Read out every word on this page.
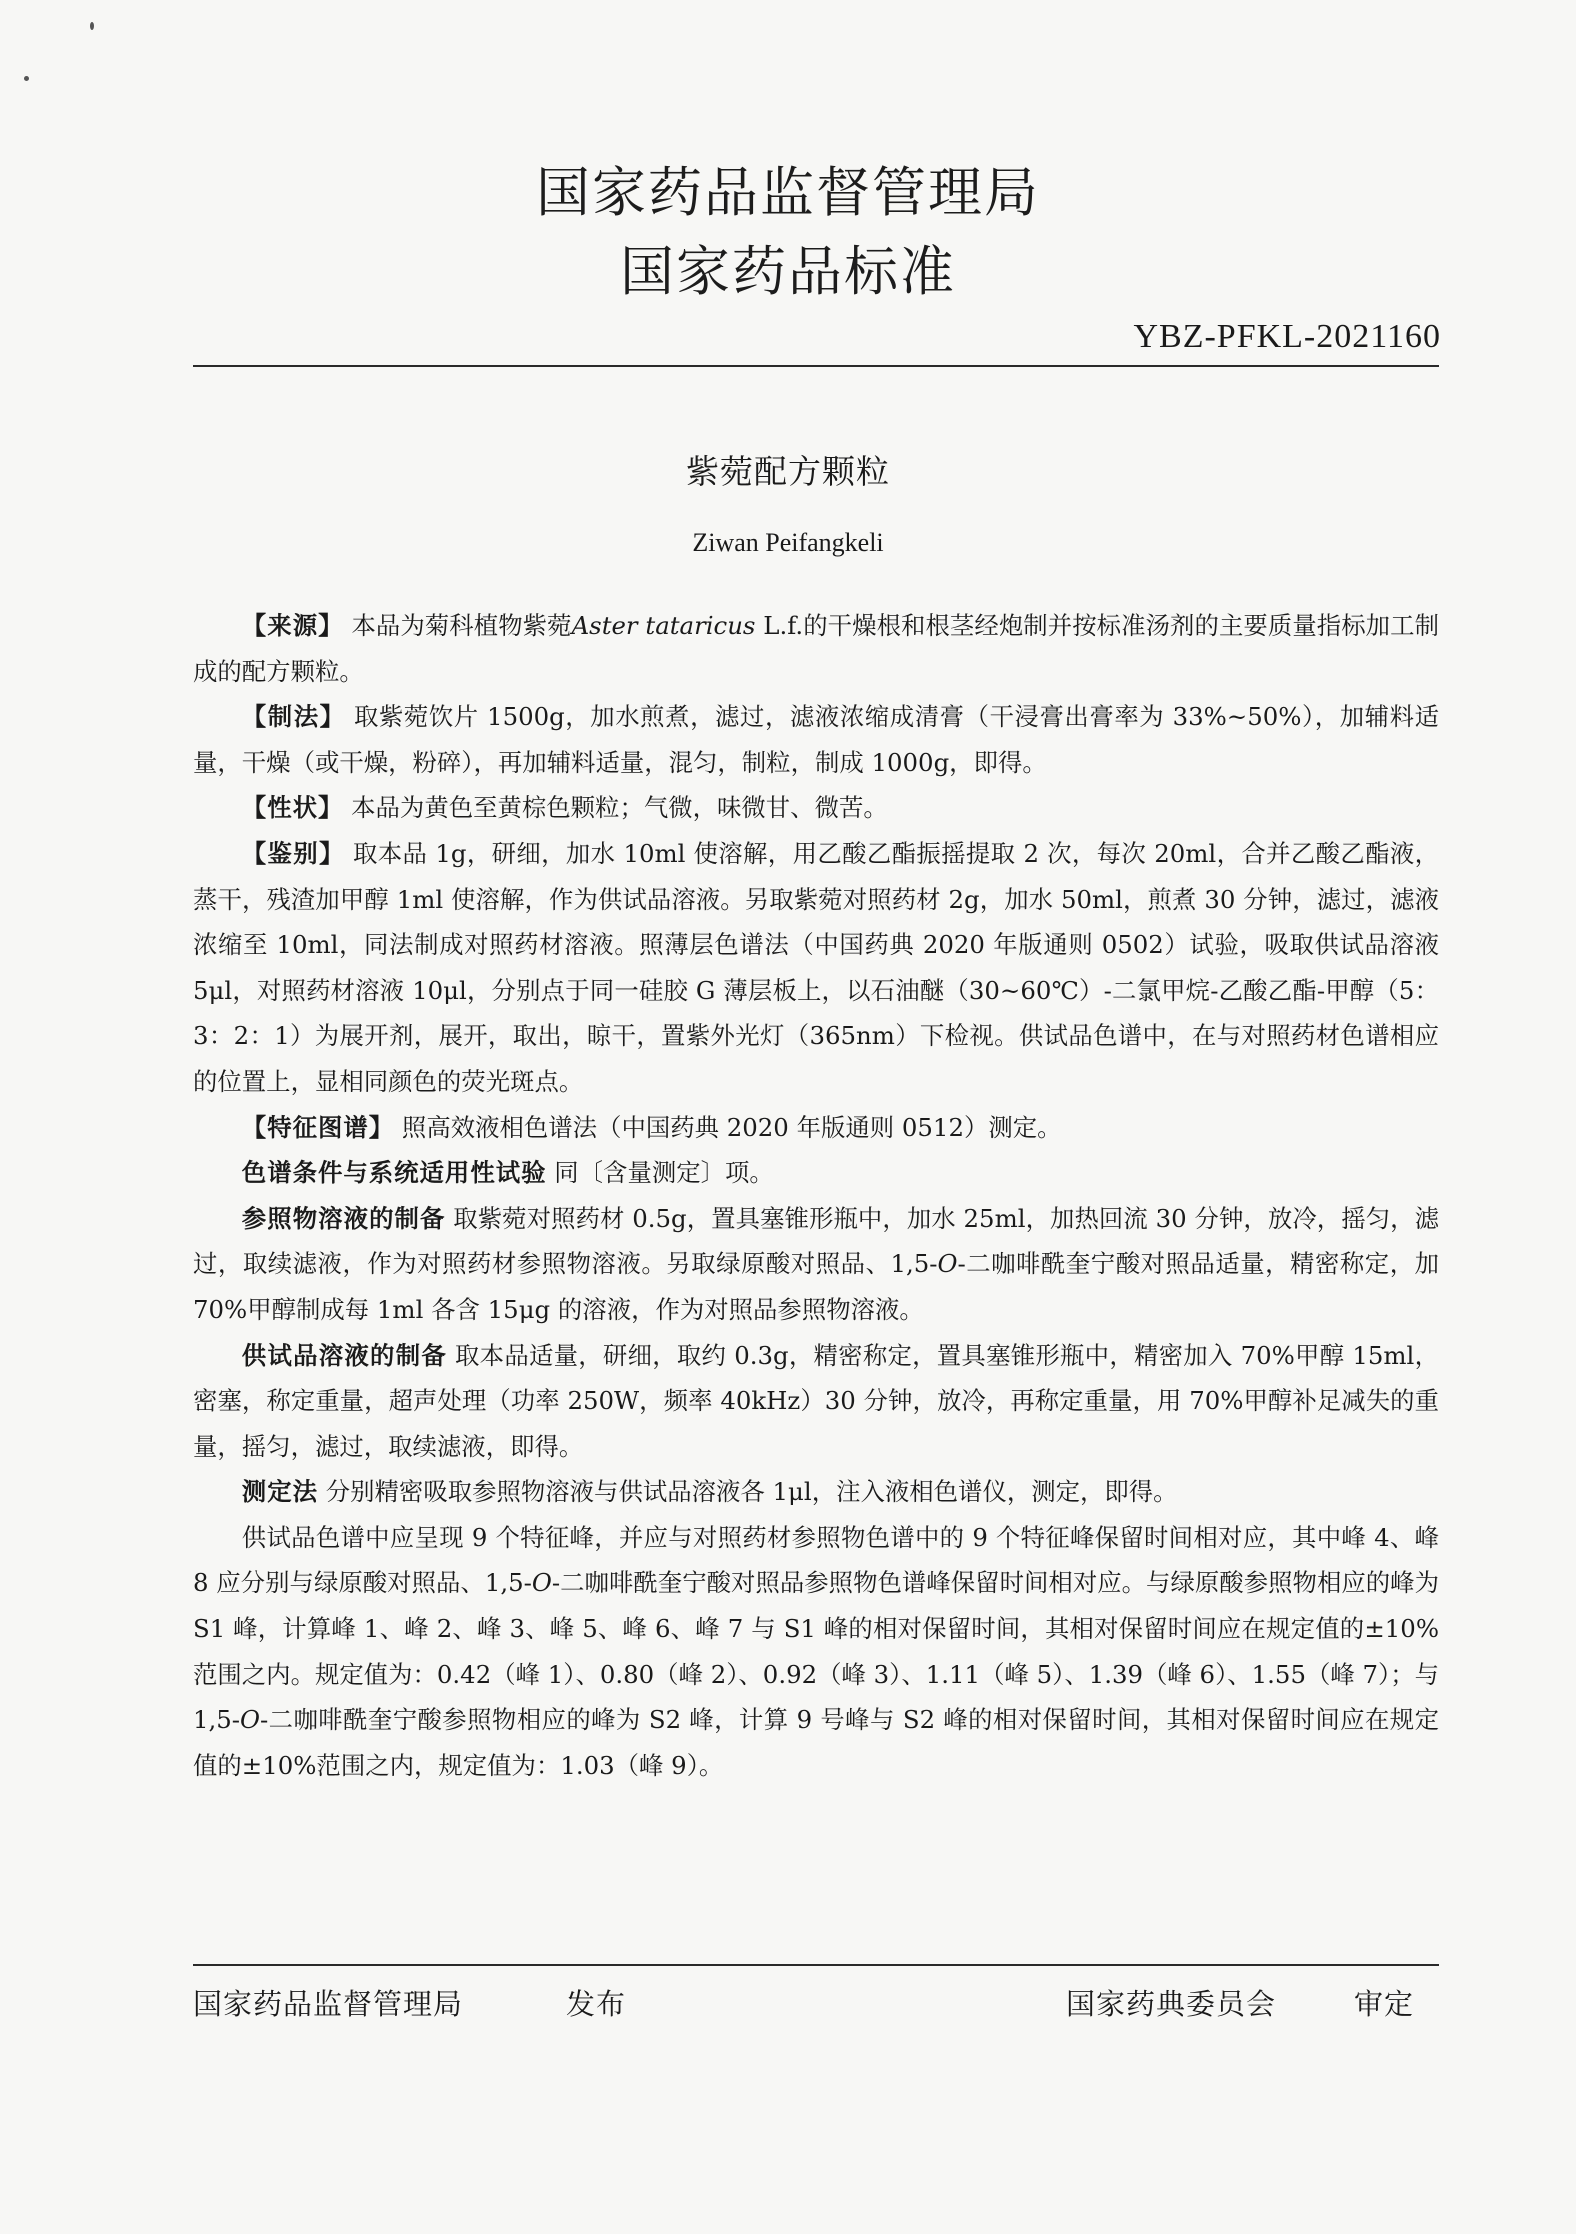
国家药品监督管理局
国家药品标准
YBZ-PFKL-2021160
紫菀配方颗粒
Ziwan Peifangkeli

【来源】 本品为菊科植物紫菀Aster tataricus L.f.的干燥根和根茎经炮制并按标准汤剂的主要质量指标加工制成的配方颗粒。

【制法】 取紫菀饮片 1500g，加水煎煮，滤过，滤液浓缩成清膏（干浸膏出膏率为 33%~50%），加辅料适量，干燥（或干燥，粉碎），再加辅料适量，混匀，制粒，制成 1000g，即得。

【性状】 本品为黄色至黄棕色颗粒；气微，味微甘、微苦。

【鉴别】 取本品 1g，研细，加水 10ml 使溶解，用乙酸乙酯振摇提取 2 次，每次 20ml，合并乙酸乙酯液，蒸干，残渣加甲醇 1ml 使溶解，作为供试品溶液。另取紫菀对照药材 2g，加水 50ml，煎煮 30 分钟，滤过，滤液浓缩至 10ml，同法制成对照药材溶液。照薄层色谱法（中国药典 2020 年版通则 0502）试验，吸取供试品溶液 5μl，对照药材溶液 10μl，分别点于同一硅胶 G 薄层板上，以石油醚（30~60℃）-二氯甲烷-乙酸乙酯-甲醇（5：3：2：1）为展开剂，展开，取出，晾干，置紫外光灯（365nm）下检视。供试品色谱中，在与对照药材色谱相应的位置上，显相同颜色的荧光斑点。

【特征图谱】 照高效液相色谱法（中国药典 2020 年版通则 0512）测定。

色谱条件与系统适用性试验 同〔含量测定〕项。

参照物溶液的制备 取紫菀对照药材 0.5g，置具塞锥形瓶中，加水 25ml，加热回流 30 分钟，放冷，摇匀，滤过，取续滤液，作为对照药材参照物溶液。另取绿原酸对照品、1,5-O-二咖啡酰奎宁酸对照品适量，精密称定，加 70%甲醇制成每 1ml 各含 15μg 的溶液，作为对照品参照物溶液。

供试品溶液的制备 取本品适量，研细，取约 0.3g，精密称定，置具塞锥形瓶中，精密加入 70%甲醇 15ml，密塞，称定重量，超声处理（功率 250W，频率 40kHz）30 分钟，放冷，再称定重量，用 70%甲醇补足减失的重量，摇匀，滤过，取续滤液，即得。

测定法 分别精密吸取参照物溶液与供试品溶液各 1μl，注入液相色谱仪，测定，即得。

供试品色谱中应呈现 9 个特征峰，并应与对照药材参照物色谱中的 9 个特征峰保留时间相对应，其中峰 4、峰 8 应分别与绿原酸对照品、1,5-O-二咖啡酰奎宁酸对照品参照物色谱峰保留时间相对应。与绿原酸参照物相应的峰为 S1 峰，计算峰 1、峰 2、峰 3、峰 5、峰 6、峰 7 与 S1 峰的相对保留时间，其相对保留时间应在规定值的±10%范围之内。规定值为：0.42（峰 1）、0.80（峰 2）、0.92（峰 3）、1.11（峰 5）、1.39（峰 6）、1.55（峰 7）；与 1,5-O-二咖啡酰奎宁酸参照物相应的峰为 S2 峰，计算 9 号峰与 S2 峰的相对保留时间，其相对保留时间应在规定值的±10%范围之内，规定值为：1.03（峰 9）。

国家药品监督管理局	发布	国家药典委员会	审定
